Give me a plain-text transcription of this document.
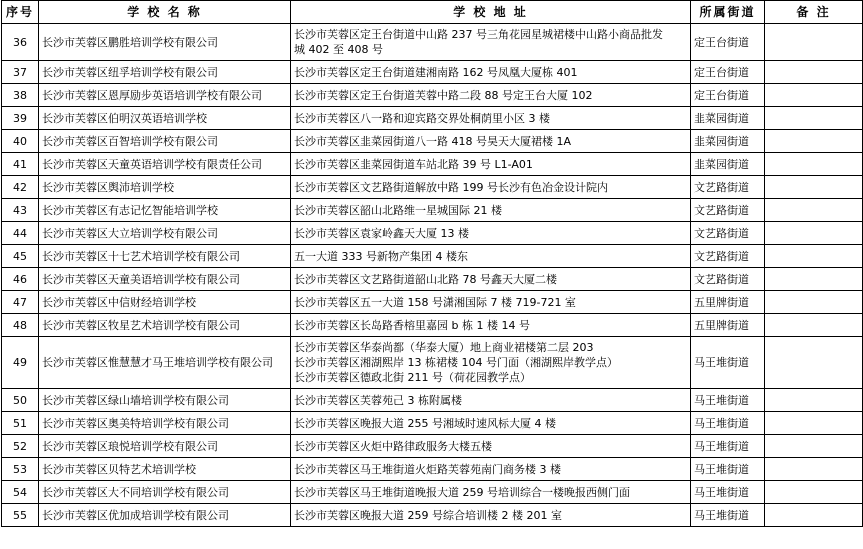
序号	学 校 名 称	学 校 地 址	所属街道	备 注
36	长沙市芙蓉区鹏胜培训学校有限公司	长沙市芙蓉区定王台街道中山路 237 号三角花园星城裙楼中山路小商品批发
城 402 至 408 号	定王台街道	
37	长沙市芙蓉区纽孚培训学校有限公司	长沙市芙蓉区定王台街道建湘南路 162 号凤凰大厦栋 401	定王台街道	
38	长沙市芙蓉区恩厚励步英语培训学校有限公司	长沙市芙蓉区定王台街道芙蓉中路二段 88 号定王台大厦 102	定王台街道	
39	长沙市芙蓉区伯明汉英语培训学校	长沙市芙蓉区八一路和迎宾路交界处桐荫里小区 3 楼	韭菜园街道	
40	长沙市芙蓉区百智培训学校有限公司	长沙市芙蓉区韭菜园街道八一路 418 号昊天大厦裙楼 1A	韭菜园街道	
41	长沙市芙蓉区天童英语培训学校有限责任公司	长沙市芙蓉区韭菜园街道车站北路 39 号 L1-A01	韭菜园街道	
42	长沙市芙蓉区舆沛培训学校	长沙市芙蓉区文艺路街道解放中路 199 号长沙有色冶金设计院内	文艺路街道	
43	长沙市芙蓉区有志记忆智能培训学校	长沙市芙蓉区韶山北路维一星城国际 21 楼	文艺路街道	
44	长沙市芙蓉区大立培训学校有限公司	长沙市芙蓉区袁家岭鑫天大厦 13 楼	文艺路街道	
45	长沙市芙蓉区十七艺术培训学校有限公司	五一大道 333 号新物产集团 4 楼东	文艺路街道	
46	长沙市芙蓉区天童美语培训学校有限公司	长沙市芙蓉区文艺路街道韶山北路 78 号鑫天大厦二楼	文艺路街道	
47	长沙市芙蓉区中信财经培训学校	长沙市芙蓉区五一大道 158 号潇湘国际 7 楼 719-721 室	五里牌街道	
48	长沙市芙蓉区牧星艺术培训学校有限公司	长沙市芙蓉区长岛路香榕里嘉园 b 栋 1 楼 14 号	五里牌街道	
49	长沙市芙蓉区惟慧慧才马王堆培训学校有限公司	长沙市芙蓉区华泰尚都（华泰大厦）地上商业裙楼第二层 203
长沙市芙蓉区湘湖熙岸 13 栋裙楼 104 号门面（湘湖熙岸教学点）
长沙市芙蓉区德政北街 211 号（荷花园教学点）	马王堆街道	
50	长沙市芙蓉区绿山墙培训学校有限公司	长沙市芙蓉区芙蓉苑己 3 栋附属楼	马王堆街道	
51	长沙市芙蓉区奥美特培训学校有限公司	长沙市芙蓉区晚报大道 255 号湘域时速风标大厦 4 楼	马王堆街道	
52	长沙市芙蓉区琅悦培训学校有限公司	长沙市芙蓉区火炬中路律政服务大楼五楼	马王堆街道	
53	长沙市芙蓉区贝特艺术培训学校	长沙市芙蓉区马王堆街道火炬路芙蓉苑南门商务楼 3 楼	马王堆街道	
54	长沙市芙蓉区大不同培训学校有限公司	长沙市芙蓉区马王堆街道晚报大道 259 号培训综合一楼晚报西侧门面	马王堆街道	
55	长沙市芙蓉区优加成培训学校有限公司	长沙市芙蓉区晚报大道 259 号综合培训楼 2 楼 201 室	马王堆街道	
